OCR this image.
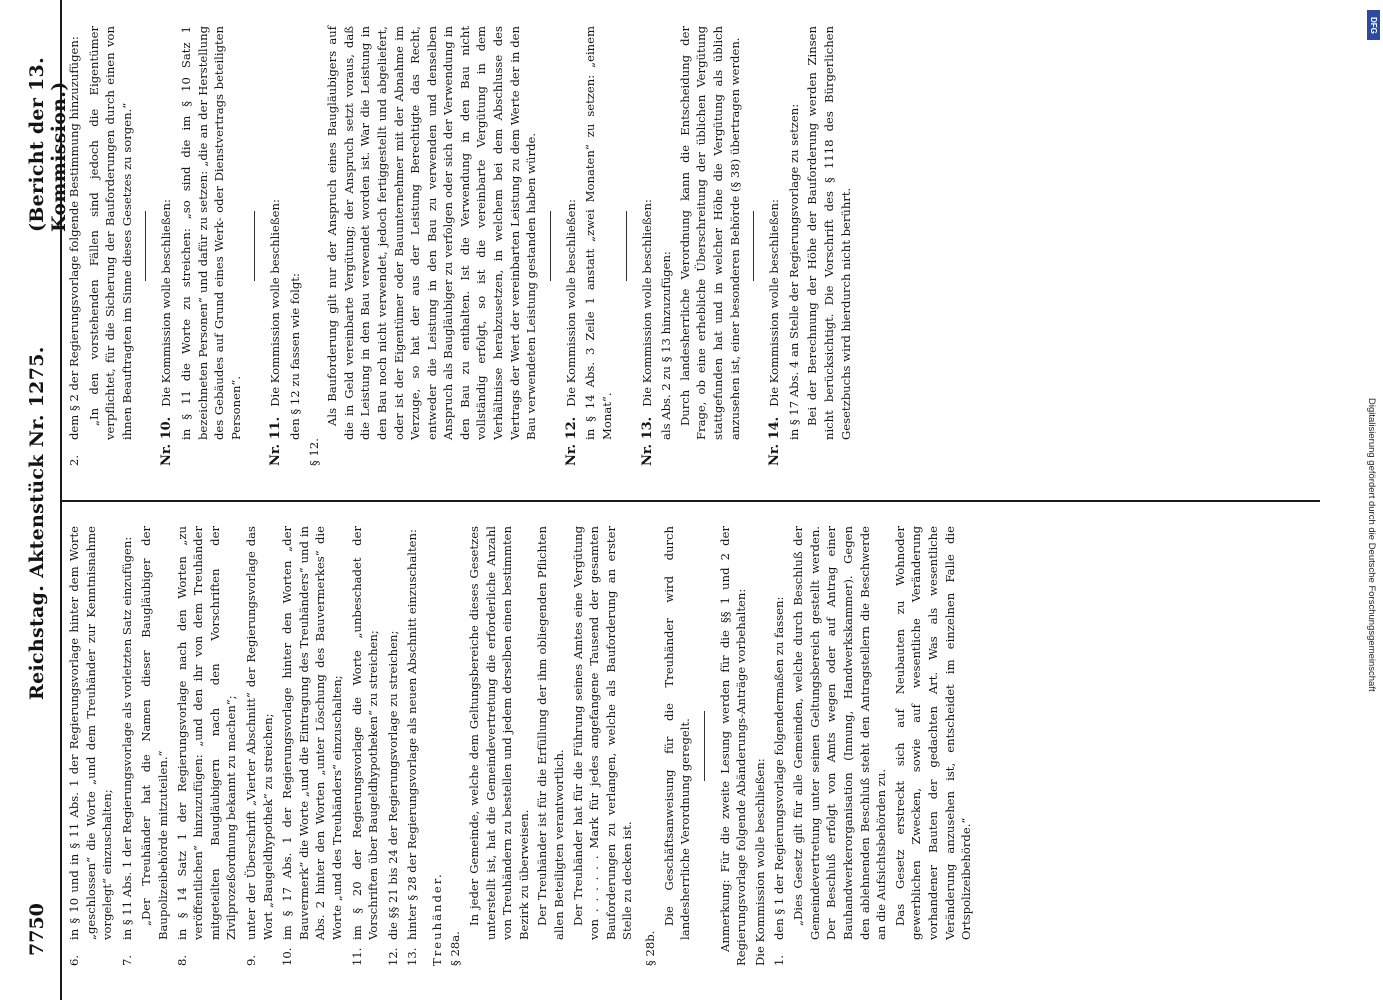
7750
Reichstag. Aktenstück Nr. 1275.
(Bericht der 13. Kommission.)
6.
in § 10 und in § 11 Abs. 1 der Regierungsvorlage hinter dem Worte „geschlossen“ die Worte „und dem Treuhänder zur Kenntnisnahme vorgelegt“ einzuschalten;
7.
in § 11 Abs. 1 der Regierungsvorlage als vorletzten Satz einzufügen: „Der Treuhänder hat die Namen dieser Baugläubiger der Baupolizeibehörde mitzuteilen.“

8.
in § 14 Satz 1 der Regierungsvorlage nach den Worten „zu veröffentlichen“ hinzuzufügen: „und den ihr von dem Treuhänder mitgeteilten Baugläubigern nach den Vorschriften der Zivilprozeßordnung bekannt zu machen“;
9.
unter der Überschrift „Vierter Abschnitt“ der Regierungsvorlage das Wort „Baugeldhypothek“ zu streichen;
10.
im § 17 Abs. 1 der Regierungsvorlage hinter den Worten „der Bauvermerk“ die Worte „und die Eintragung des Treuhänders“ und in Abs. 2 hinter den Worten „unter Löschung des Bauvermerkes“ die Worte „und des Treuhänders“ einzuschalten;
11.
im § 20 der Regierungsvorlage die Worte „unbeschadet der Vorschriften über Baugeldhypotheken“ zu streichen;
12.
die §§ 21 bis 24 der Regierungsvorlage zu streichen;
13.
hinter § 28 der Regierungsvorlage als neuen Abschnitt einzuschalten: Treuhänder. § 28a.

In jeder Gemeinde, welche dem Geltungsbereiche dieses Gesetzes unterstellt ist, hat die Gemeindevertretung die erforderliche Anzahl von Treuhändern zu bestellen und jedem derselben einen bestimmten Bezirk zu überweisen. Der Treuhänder ist für die Erfüllung der ihm obliegenden Pflichten allen Beteiligten verantwortlich. Der Treuhänder hat für die Führung seines Amtes eine Vergütung von . . . . . . Mark für jedes angefangene Tausend der gesamten Bauforderungen zu verlangen, welche als Bauforderung an erster Stelle zu decken ist.

§ 28b.

Die Geschäftsanweisung für die Treuhänder wird durch landesherrliche Verordnung geregelt. Anmerkung: Für die zweite Lesung werden für die §§ 1 und 2 der Regierungsvorlage folgende Abänderungs-Anträge vorbehalten: Die Kommission wolle beschließen: 1.
den § 1 der Regierungsvorlage folgendermaßen zu fassen: „Dies Gesetz gilt für alle Gemeinden, welche durch Beschluß der Gemeindevertretung unter seinen Geltungsbereich gestellt werden. Der Beschluß erfolgt von Amts wegen oder auf Antrag einer Bauhandwerkerorganisation (Innung, Handwerkskammer). Gegen den ablehnenden Beschluß steht den Antragstellern die Beschwerde an die Aufsichtsbehörden zu. Das Gesetz erstreckt sich auf Neubauten zu Wohnoder gewerblichen Zwecken, sowie auf wesentliche Veränderung vorhandener Bauten der gedachten Art. Was als wesentliche Veränderung anzusehen ist, entscheidet im einzelnen Falle die Ortspolizeibehörde.“

2.
dem § 2 der Regierungsvorlage folgende Bestimmung hinzuzufügen: „In den vorstehenden Fällen sind jedoch die Eigentümer verpflichtet, für die Sicherung der Bauforderungen durch einen von ihnen Beauftragten im Sinne dieses Gesetzes zu sorgen.“

Nr. 10.Die Kommission wolle beschließen: in § 11 die Worte zu streichen: „so sind die im § 10 Satz 1 bezeichneten Personen“ und dafür zu setzen: „die an der Herstellung des Gebäudes auf Grund eines Werk- oder Dienstvertrags beteiligten Personen“.

Nr. 11.Die Kommission wolle beschließen: den § 12 zu fassen wie folgt:

§ 12.

Als Bauforderung gilt nur der Anspruch eines Baugläubigers auf die in Geld vereinbarte Vergütung; der Anspruch setzt voraus, daß die Leistung in den Bau verwendet worden ist. War die Leistung in den Bau noch nicht verwendet, jedoch fertiggestellt und abgeliefert, oder ist der Eigentümer oder Bauunternehmer mit der Abnahme im Verzuge, so hat der aus der Leistung Berechtigte das Recht, entweder die Leistung in den Bau zu verwenden und denselben Anspruch als Baugläubiger zu verfolgen oder sich der Verwendung in den Bau zu enthalten. Ist die Verwendung in den Bau nicht vollständig erfolgt, so ist die vereinbarte Vergütung in dem Verhältnisse herabzusetzen, in welchem bei dem Abschlusse des Vertrags der Wert der vereinbarten Leistung zu dem Werte der in den Bau verwendeten Leistung gestanden haben würde.

Nr. 12.Die Kommission wolle beschließen: in § 14 Abs. 3 Zeile 1 anstatt „zwei Monaten“ zu setzen: „einem Monat“.

Nr. 13.Die Kommission wolle beschließen: als Abs. 2 zu § 13 hinzuzufügen: Durch landesherrliche Verordnung kann die Entscheidung der Frage, ob eine erhebliche Überschreitung der üblichen Vergütung stattgefunden hat und in welcher Höhe die Vergütung als üblich anzusehen ist, einer besonderen Behörde (§ 38) übertragen werden.

Nr. 14.Die Kommission wolle beschließen: in § 17 Abs. 4 an Stelle der Regierungsvorlage zu setzen: Bei der Berechnung der Höhe der Bauforderung werden Zinsen nicht berücksichtigt. Die Vorschrift des § 1118 des Bürgerlichen Gesetzbuchs wird hierdurch nicht berührt.

DFG
Digitalisierung gefördert durch die Deutsche Forschungsgemeinschaft
